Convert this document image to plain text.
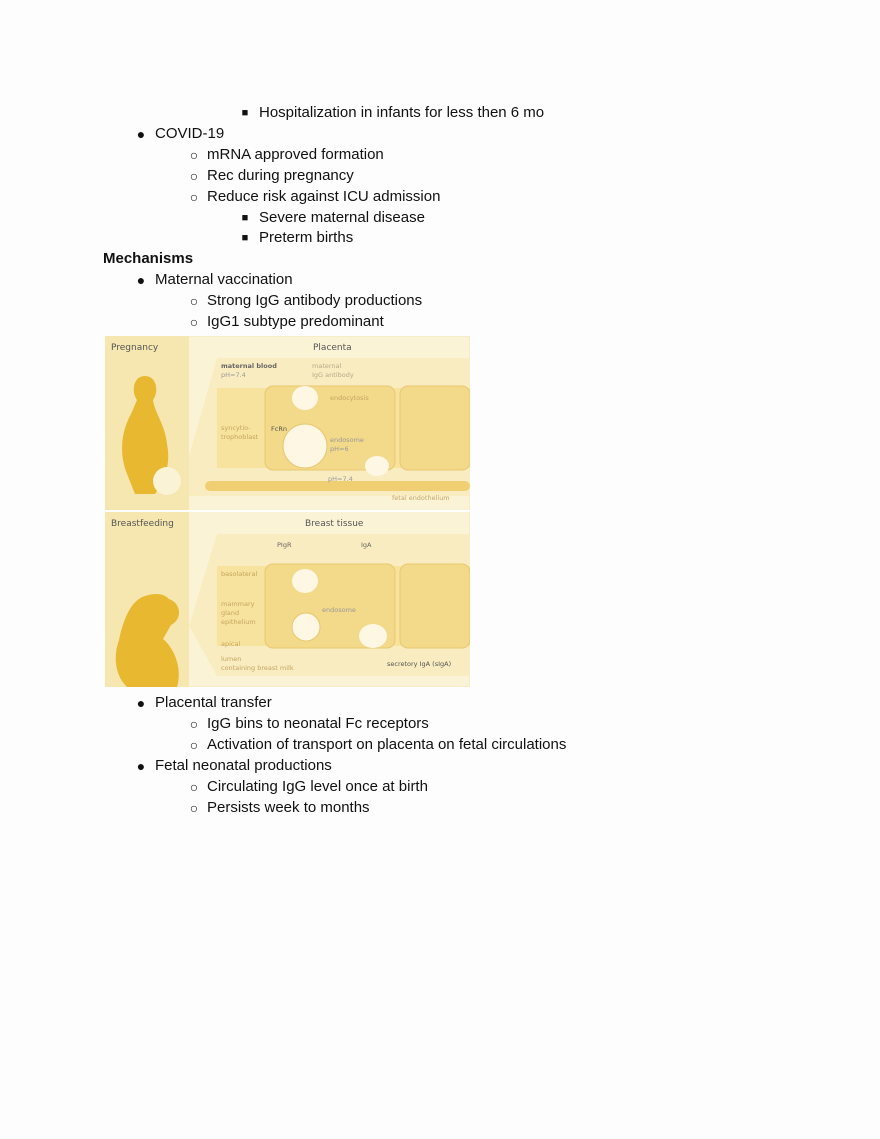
■ Hospitalization in infants for less then 6 mo
● COVID-19
○ mRNA approved formation
○ Rec during pregnancy
○ Reduce risk against ICU admission
■ Severe maternal disease
■ Preterm births
Mechanisms
● Maternal vaccination
○ Strong IgG antibody productions
○ IgG1 subtype predominant
● Placental transfer
○ IgG bins to neonatal Fc receptors
○ Activation of transport on placenta on fetal circulations
● Fetal neonatal productions
○ Circulating IgG level once at birth
○ Persists week to months
Pregnancy	Placenta
maternal blood
pH=7.4
maternal
IgG antibody
endocytosis
syncytio-
trophoblast
FcRn
endosome
pH=6
pH=7.4
fetal endothelium
Breastfeeding	Breast tissue
PIgR	IgA
basolateral
mammary
gland
epithelium
endosome
apical
lumen
containing breast milk	secretory IgA (sIgA)
